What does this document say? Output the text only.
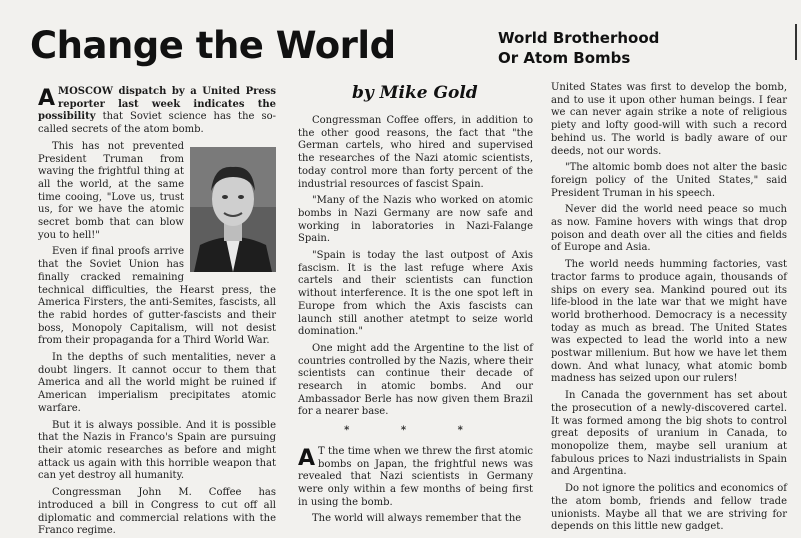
Change the World	World Brotherhood
Or Atom Bombs
by Mike Gold

A MOSCOW dispatch by a United Press reporter last week indicates the possibility that Soviet science has the so-called secrets of the atom bomb.

This has not prevented President Truman from waving the frightful thing at all the world, at the same time cooing, "Love us, trust us, for we have the atomic secret bomb that can blow you to hell!"

Even if final proofs arrive that the Soviet Union has finally cracked remaining technical difficulties, the Hearst press, the America Firsters, the anti-Semites, fascists, all the rabid hordes of gutter-fascists and their boss, Monopoly Capitalism, will not desist from their propaganda for a Third World War.

In the depths of such mentalities, never a doubt lingers. It cannot occur to them that America and all the world might be ruined if American imperialism precipitates atomic warfare.

But it is always possible. And it is possible that the Nazis in Franco's Spain are pursuing their atomic researches as before and might attack us again with this horrible weapon that can yet destroy all humanity.

Congressman John M. Coffee has introduced a bill in Congress to cut off all diplomatic and commercial relations with the Franco regime.

Congressman Coffee offers, in addition to the other good reasons, the fact that "the German cartels, who hired and supervised the researches of the Nazi atomic scientists, today control more than forty percent of the industrial resources of fascist Spain.

"Many of the Nazis who worked on atomic bombs in Nazi Germany are now safe and working in laboratories in Nazi-Falange Spain.

"Spain is today the last outpost of Axis fascism. It is the last refuge where Axis cartels and their scientists can function without interference. It is the one spot left in Europe from which the Axis fascists can launch still another atetmpt to seize world domination."

One might add the Argentine to the list of countries controlled by the Nazis, where their scientists can continue their decade of research in atomic bombs. And our Ambassador Berle has now given them Brazil for a nearer base.

* * *

A T the time when we threw the first atomic bombs on Japan, the frightful news was revealed that Nazi scientists in Germany were only within a few months of being first in using the bomb.

The world will always remember that the

United States was first to develop the bomb, and to use it upon other human beings. I fear we can never again strike a note of religious piety and lofty good-will with such a record behind us. The world is badly aware of our deeds, not our words.

"The altomic bomb does not alter the basic foreign policy of the United States," said President Truman in his speech.

Never did the world need peace so much as now. Famine hovers with wings that drop poison and death over all the cities and fields of Europe and Asia.

The world needs humming factories, vast tractor farms to produce again, thousands of ships on every sea. Mankind poured out its life-blood in the late war that we might have world brotherhood. Democracy is a necessity today as much as bread. The United States was expected to lead the world into a new postwar millenium. But how we have let them down. And what lunacy, what atomic bomb madness has seized upon our rulers!

In Canada the government has set about the prosecution of a newly-discovered cartel. It was formed among the big shots to control great deposits of uranium in Canada, to monopolize them, maybe sell uranium at fabulous prices to Nazi industrialists in Spain and Argentina.

Do not ignore the politics and economics of the atom bomb, friends and fellow trade unionists. Maybe all that we are striving for depends on this little new gadget.
